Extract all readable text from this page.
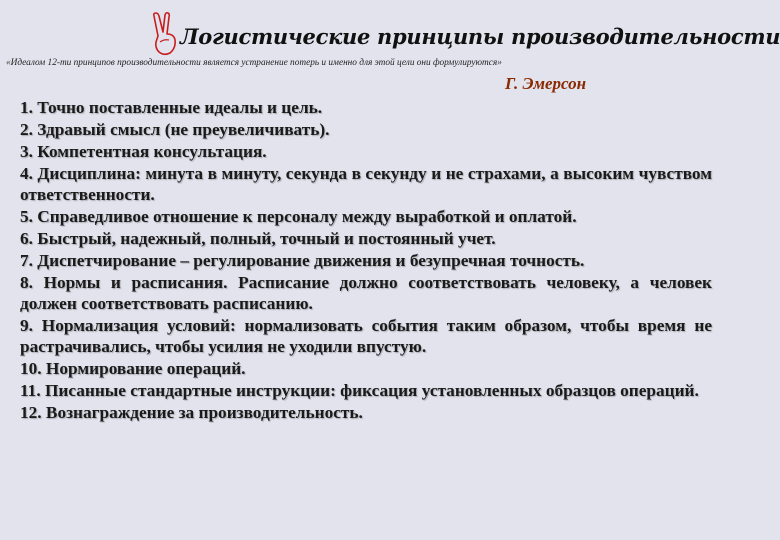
Логистические принципы производительности
«Идеалом 12-ти принципов производительности является устранение потерь и именно для этой цели они формулируются»
Г. Эмерсон
1. Точно поставленные идеалы и цель.
2. Здравый смысл (не преувеличивать).
3. Компетентная консультация.
4. Дисциплина: минута в минуту, секунда в секунду и не страхами, а высоким чувством ответственности.
5. Справедливое отношение к персоналу между выработкой и оплатой.
6. Быстрый, надежный, полный, точный и постоянный учет.
7. Диспетчирование – регулирование движения и безупречная точность.
8. Нормы и расписания. Расписание должно соответствовать человеку, а человек должен соответствовать расписанию.
9. Нормализация условий: нормализовать события таким образом, чтобы время не растрачивались, чтобы усилия не уходили впустую.
10. Нормирование операций.
11. Писанные стандартные инструкции: фиксация установленных образцов операций.
12. Вознаграждение за производительность.
